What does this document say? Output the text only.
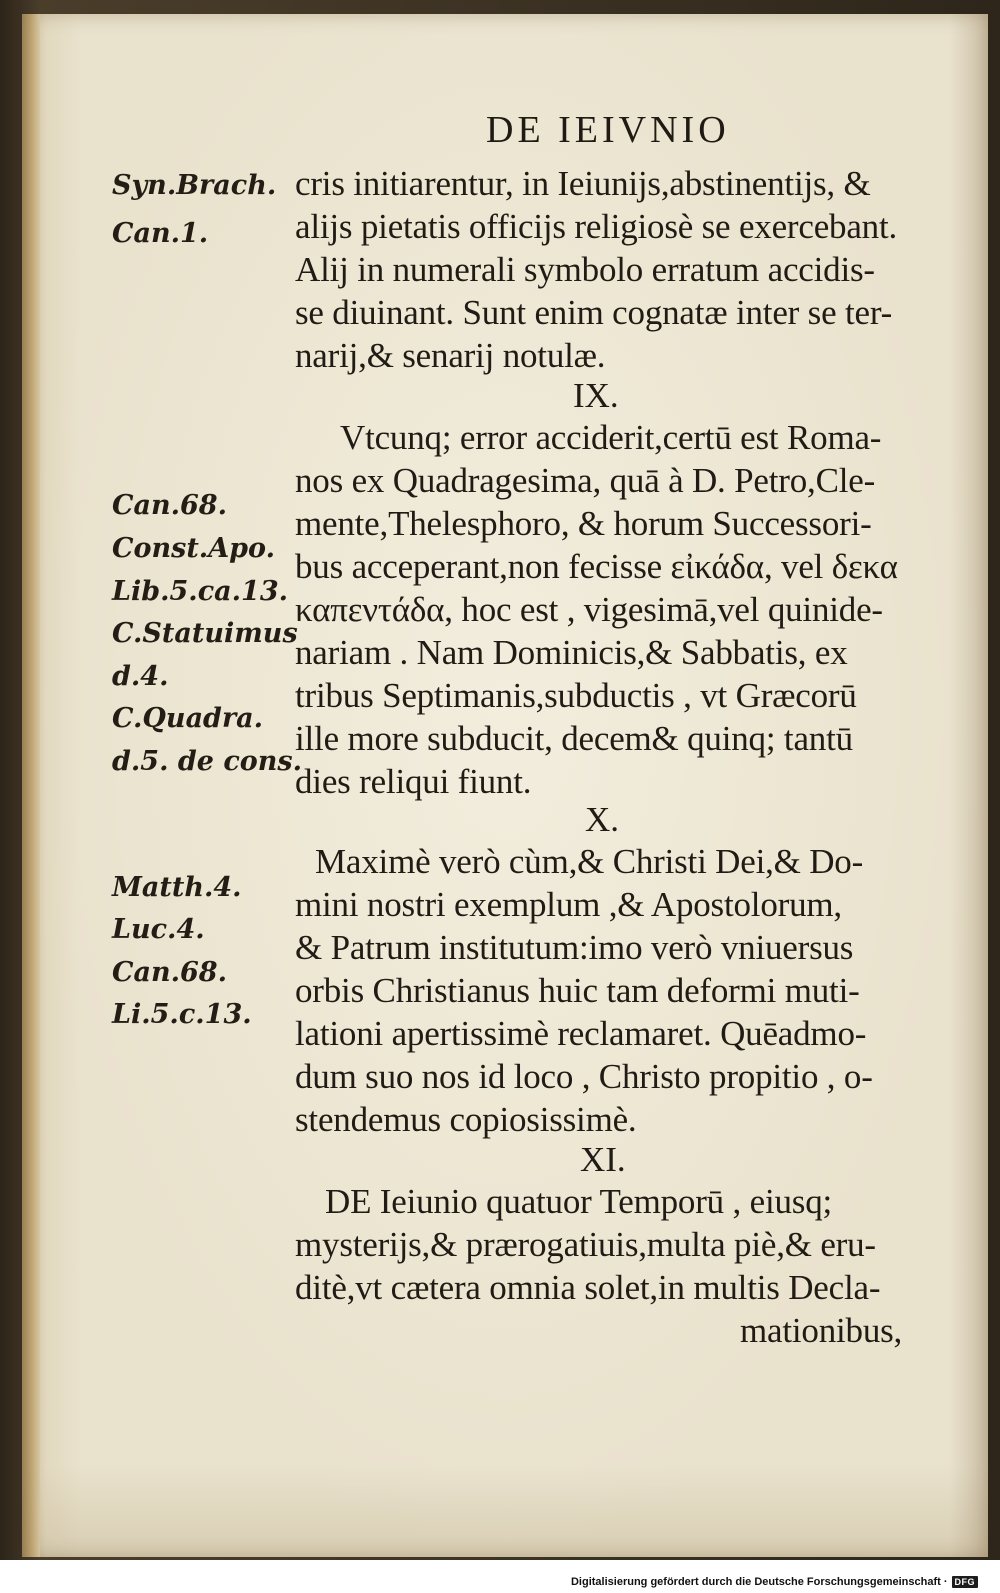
DE IEIVNIO
Syn.Brach.
Can.1.
Can.68.
Const.Apo.
Lib.5.ca.13.
C.Statuimus
d.4.
C.Quadra.
d.5. de cons.
Matth.4.
Luc.4.
Can.68.
Li.5.c.13.
cris initiarentur, in Ieiunijs,abstinentijs, &
alijs pietatis officijs religiosè se exercebant.
Alij in numerali symbolo erratum accidis-
se diuinant. Sunt enim cognatæ inter se ter-
narij,& senarij notulæ.
IX.
Vtcunq; error acciderit,certū est Roma-
nos ex Quadragesima, quā à D. Petro,Cle-
mente,Thelesphoro, & horum Successori-
bus acceperant,non fecisse εἰκάδα, vel δεκα
καπεντάδα, hoc est , vigesimā,vel quinide-
nariam . Nam Dominicis,& Sabbatis, ex
tribus Septimanis,subductis , vt Græcorū
ille more subducit, decem& quinq; tantū
dies reliqui fiunt.
X.
Maximè verò cùm,& Christi Dei,& Do-
mini nostri exemplum ,& Apostolorum,
& Patrum institutum:imo verò vniuersus
orbis Christianus huic tam deformi muti-
lationi apertissimè reclamaret. Quēadmo-
dum suo nos id loco , Christo propitio , o-
stendemus copiosissimè.
XI.
DE Ieiunio quatuor Temporū , eiusq;
mysterijs,& prærogatiuis,multa piè,& eru-
ditè,vt cætera omnia solet,in multis Decla-
mationibus,
Digitalisierung gefördert durch die Deutsche Forschungsgemeinschaft · DFG
